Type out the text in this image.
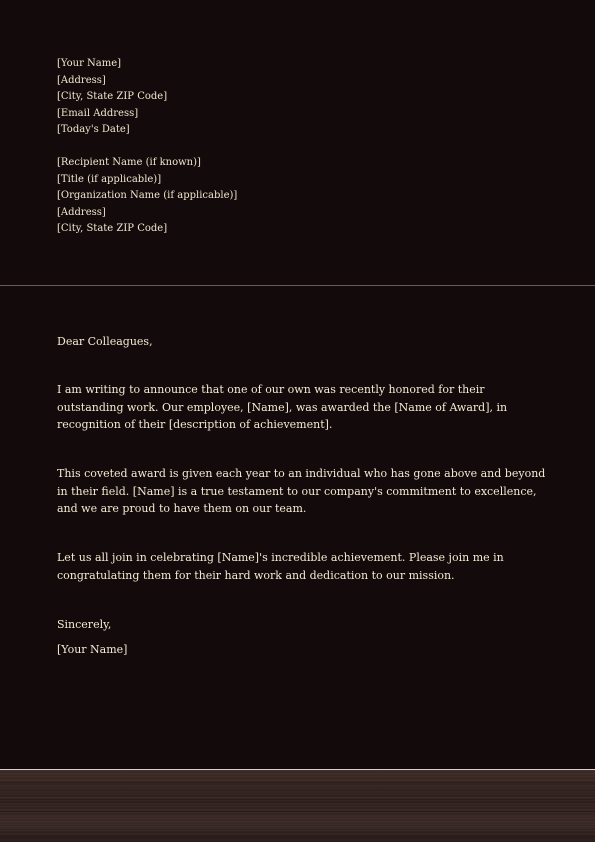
[Your Name]
[Address]
[City, State ZIP Code]
[Email Address]
[Today's Date]
[Recipient Name (if known)]
[Title (if applicable)]
[Organization Name (if applicable)]
[Address]
[City, State ZIP Code]
Dear Colleagues,
I am writing to announce that one of our own was recently honored for their
outstanding work. Our employee, [Name], was awarded the [Name of Award], in
recognition of their [description of achievement].
This coveted award is given each year to an individual who has gone above and beyond
in their field. [Name] is a true testament to our company's commitment to excellence,
and we are proud to have them on our team.
Let us all join in celebrating [Name]'s incredible achievement. Please join me in
congratulating them for their hard work and dedication to our mission.
Sincerely,
[Your Name]
